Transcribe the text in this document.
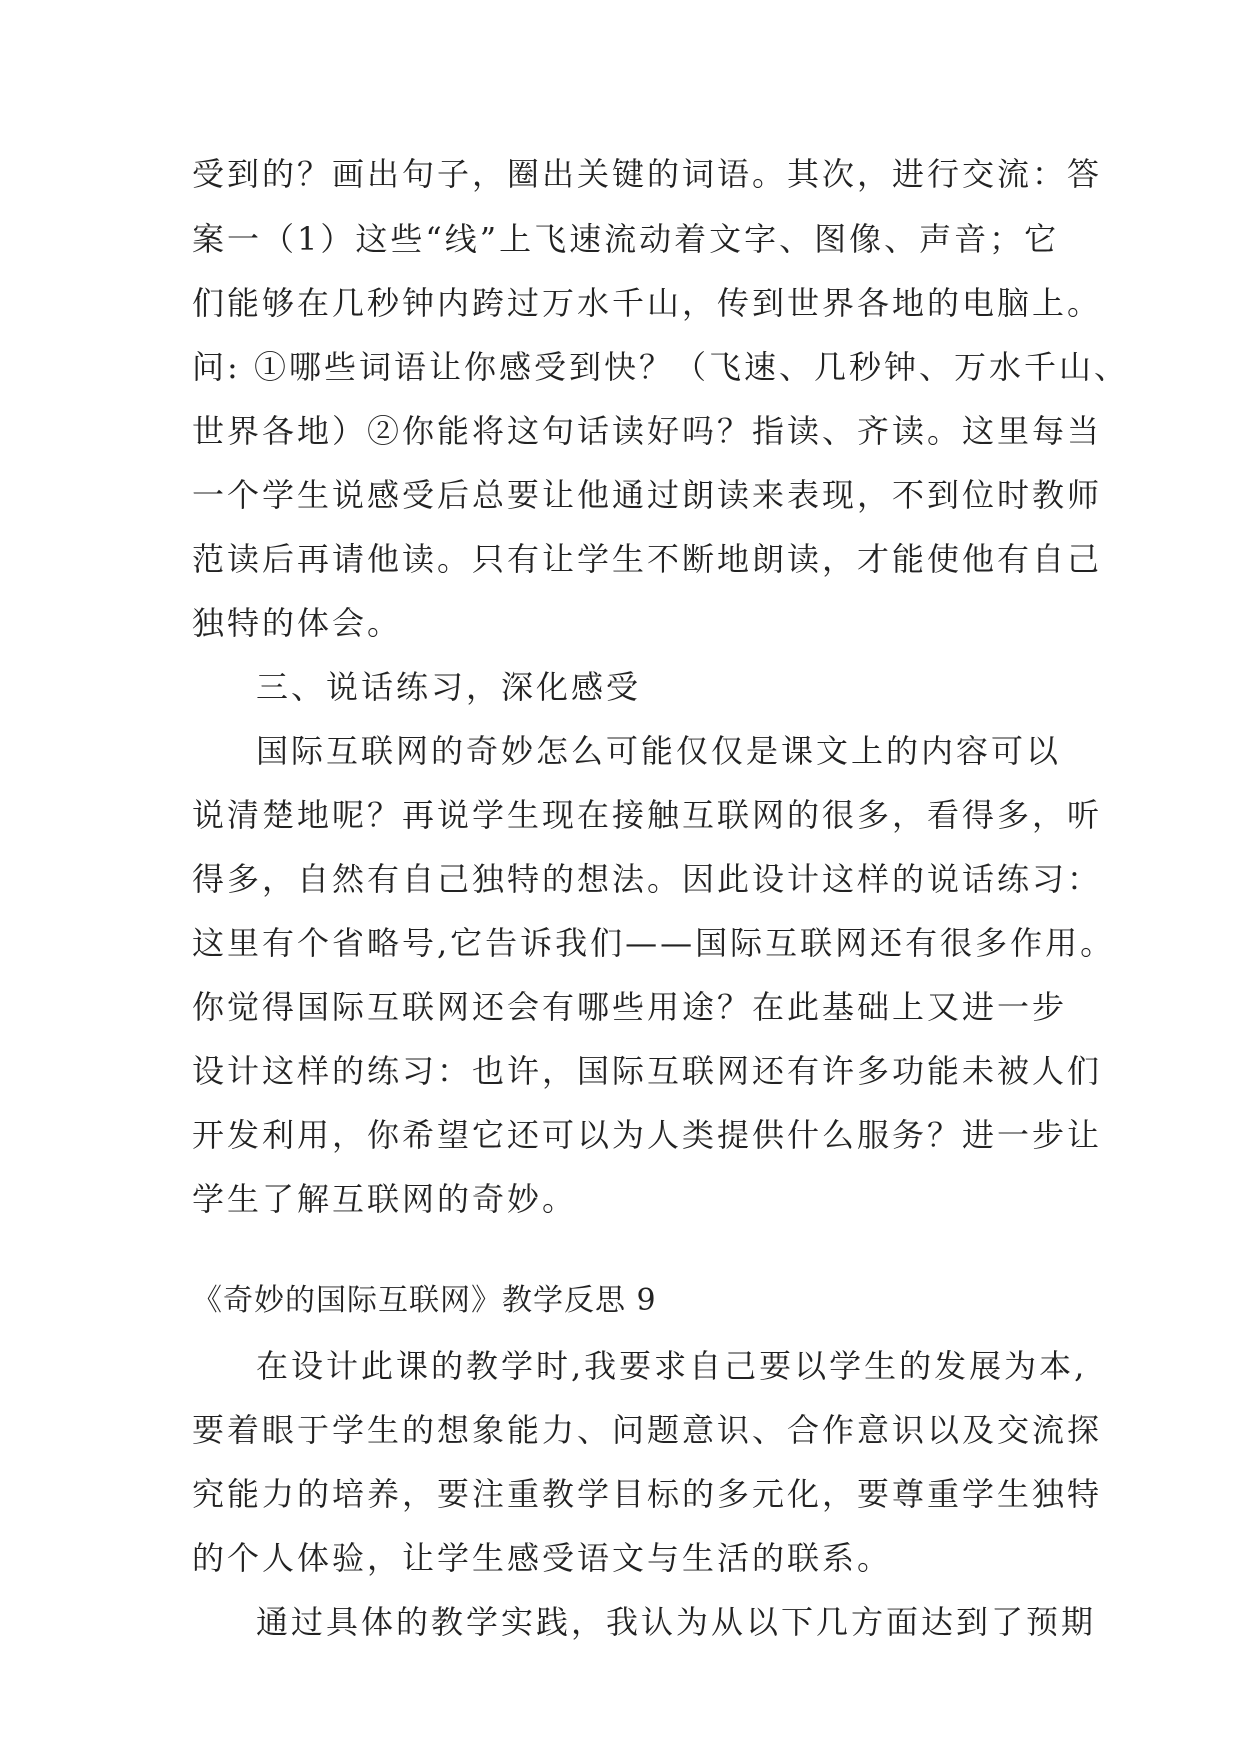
受到的？画出句子，圈出关键的词语。其次，进行交流：答
案一（1）这些“线”上飞速流动着文字、图像、声音；它
们能够在几秒钟内跨过万水千山，传到世界各地的电脑上。
问: ①哪些词语让你感受到快？（飞速、几秒钟、万水千山、
世界各地）②你能将这句话读好吗？指读、齐读。这里每当
一个学生说感受后总要让他通过朗读来表现，不到位时教师
范读后再请他读。只有让学生不断地朗读，才能使他有自己
独特的体会。
三、说话练习，深化感受
国际互联网的奇妙怎么可能仅仅是课文上的内容可以
说清楚地呢？再说学生现在接触互联网的很多，看得多，听
得多，自然有自己独特的想法。因此设计这样的说话练习：
这里有个省略号,它告诉我们——国际互联网还有很多作用。
你觉得国际互联网还会有哪些用途？在此基础上又进一步
设计这样的练习：也许，国际互联网还有许多功能未被人们
开发利用，你希望它还可以为人类提供什么服务？进一步让
学生了解互联网的奇妙。
《奇妙的国际互联网》教学反思 9
在设计此课的教学时,我要求自己要以学生的发展为本,
要着眼于学生的想象能力、问题意识、合作意识以及交流探
究能力的培养，要注重教学目标的多元化，要尊重学生独特
的个人体验，让学生感受语文与生活的联系。
通过具体的教学实践，我认为从以下几方面达到了预期
